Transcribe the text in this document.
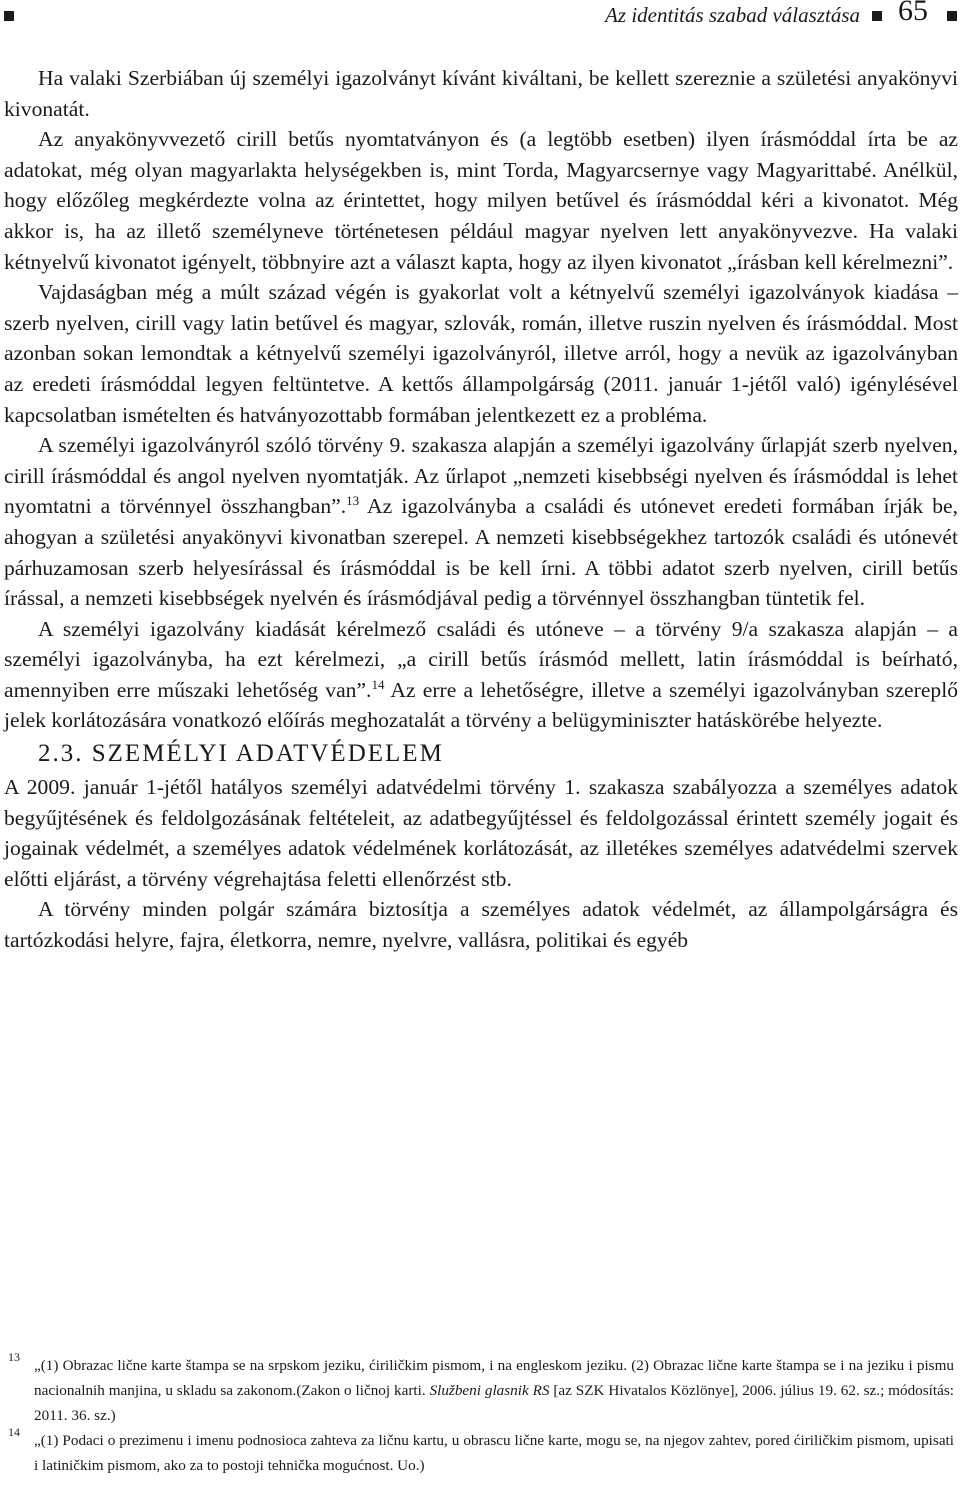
Az identitás szabad választása 65

Ha valaki Szerbiában új személyi igazolványt kívánt kiváltani, be kellett szereznie a születési anyakönyvi kivonatát.

Az anyakönyvvezető cirill betűs nyomtatványon és (a legtöbb esetben) ilyen írásmóddal írta be az adatokat, még olyan magyarlakta helységekben is, mint Torda, Magyarcsernye vagy Magyarittabé. Anélkül, hogy előzőleg megkérdezte volna az érintettet, hogy milyen betűvel és írásmóddal kéri a kivonatot. Még akkor is, ha az illető személyneve történetesen például magyar nyelven lett anyakönyvezve. Ha valaki kétnyelvű kivonatot igényelt, többnyire azt a választ kapta, hogy az ilyen kivonatot „írásban kell kérelmezni”.

Vajdaságban még a múlt század végén is gyakorlat volt a kétnyelvű személyi igazolványok kiadása – szerb nyelven, cirill vagy latin betűvel és magyar, szlovák, román, illetve ruszin nyelven és írásmóddal. Most azonban sokan lemondtak a kétnyelvű személyi igazolványról, illetve arról, hogy a nevük az igazolványban az eredeti írásmóddal legyen feltüntetve. A kettős állampolgárság (2011. január 1-jétől való) igénylésével kapcsolatban ismételten és hatványozottabb formában jelentkezett ez a probléma.

A személyi igazolványról szóló törvény 9. szakasza alapján a személyi igazolvány űrlapját szerb nyelven, cirill írásmóddal és angol nyelven nyomtatják. Az űrlapot „nemzeti kisebbségi nyelven és írásmóddal is lehet nyomtatni a törvénnyel összhangban”.$^{13}$ Az igazolványba a családi és utónevet eredeti formában írják be, ahogyan a születési anyakönyvi kivonatban szerepel. A nemzeti kisebbségekhez tartozók családi és utónevét párhuzamosan szerb helyesírással és írásmóddal is be kell írni. A többi adatot szerb nyelven, cirill betűs írással, a nemzeti kisebbségek nyelvén és írásmódjával pedig a törvénnyel összhangban tüntetik fel.

A személyi igazolvány kiadását kérelmező családi és utóneve – a törvény 9/a szakasza alapján – a személyi igazolványba, ha ezt kérelmezi, „a cirill betűs írásmód mellett, latin írásmóddal is beírható, amennyiben erre műszaki lehetőség van”.$^{14}$ Az erre a lehetőségre, illetve a személyi igazolványban szereplő jelek korlátozására vonatkozó előírás meghozatalát a törvény a belügyminiszter hatáskörébe helyezte.

2.3. SZEMÉLYI ADATVÉDELEM

A 2009. január 1-jétől hatályos személyi adatvédelmi törvény 1. szakasza szabályozza a személyes adatok begyűjtésének és feldolgozásának feltételeit, az adatbegyűjtéssel és feldolgozással érintett személy jogait és jogainak védelmét, a személyes adatok védelmének korlátozását, az illetékes személyes adatvédelmi szervek előtti eljárást, a törvény végrehajtása feletti ellenőrzést stb.

A törvény minden polgár számára biztosítja a személyes adatok védelmét, az állampolgárságra és tartózkodási helyre, fajra, életkorra, nemre, nyelvre, vallásra, politikai és egyéb

13 „(1) Obrazac lične karte štampa se na srpskom jeziku, ćiriličkim pismom, i na engleskom jeziku. (2) Obrazac lične karte štampa se i na jeziku i pismu nacionalnih manjina, u skladu sa zakonom.(Zakon o ličnoj karti. Službeni glasnik RS [az SZK Hivatalos Közlönye], 2006. július 19. 62. sz.; módosítás: 2011. 36. sz.)
14 „(1) Podaci o prezimenu i imenu podnosioca zahteva za ličnu kartu, u obrascu lične karte, mogu se, na njegov zahtev, pored ćiriličkim pismom, upisati i latiničkim pismom, ako za to postoji tehnička mogućnost. Uo.)
